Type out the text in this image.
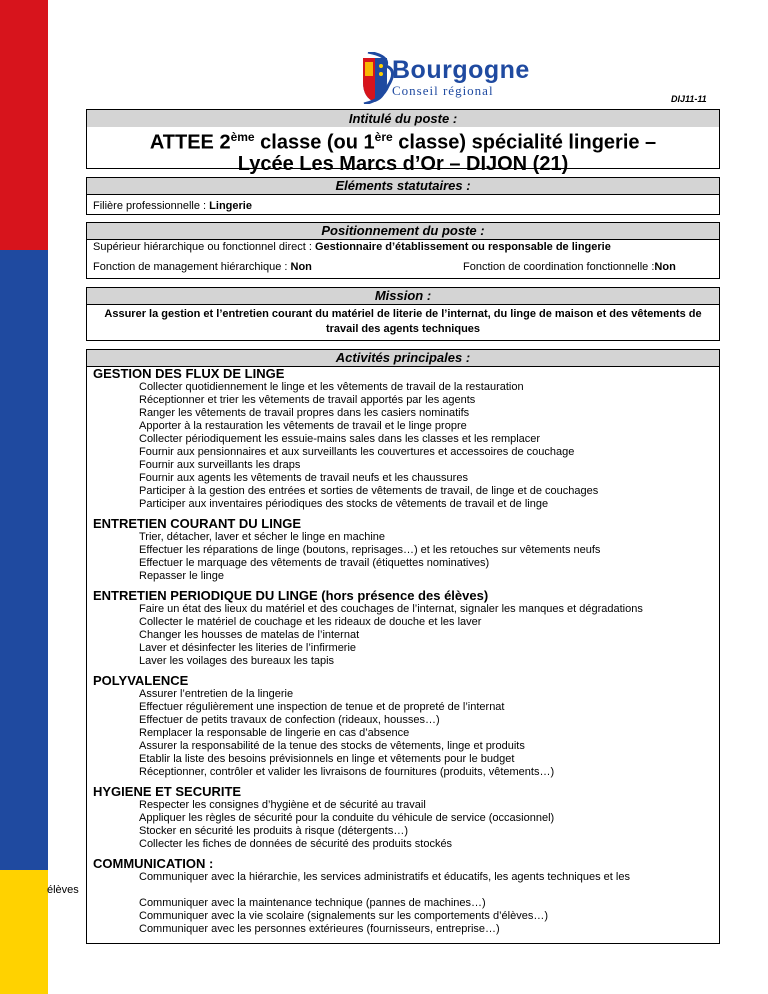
Bourgogne
Conseil régional
DIJ11-11
Intitulé du poste :
ATTEE 2ème classe (ou 1ère classe) spécialité lingerie –
Lycée Les Marcs d’Or – DIJON (21)
Eléments statutaires :
Filière professionnelle : Lingerie
Positionnement du poste :
Supérieur hiérarchique ou fonctionnel direct : Gestionnaire d’établissement ou responsable de lingerie
Fonction de management hiérarchique : Non	Fonction de coordination fonctionnelle :Non
Mission :
Assurer la gestion et l’entretien courant du matériel de literie de l’internat, du linge de maison et des vêtements de travail des agents techniques
Activités principales :
GESTION DES FLUX DE LINGE
Collecter quotidiennement le linge et les vêtements de travail de la restauration
Réceptionner et trier les vêtements de travail apportés par les agents
Ranger les vêtements de travail propres dans les casiers nominatifs
Apporter à la restauration les vêtements de travail et le linge propre
Collecter périodiquement les essuie-mains sales dans les classes et les remplacer
Fournir aux pensionnaires et aux surveillants les couvertures et accessoires de couchage
Fournir aux surveillants les draps
Fournir aux agents les vêtements de travail neufs et les chaussures
Participer à la gestion des entrées et sorties de vêtements de travail, de linge et de couchages
Participer aux inventaires périodiques des stocks de vêtements de travail et de linge
ENTRETIEN COURANT DU LINGE
Trier, détacher, laver et sécher le linge en machine
Effectuer les réparations de linge (boutons, reprisages…) et les retouches sur vêtements neufs
Effectuer le marquage des vêtements de travail (étiquettes nominatives)
Repasser le linge
ENTRETIEN PERIODIQUE DU LINGE (hors présence des élèves)
Faire un état des lieux du matériel et des couchages de l’internat, signaler les manques et dégradations
Collecter le matériel de couchage et les rideaux de douche et les laver
Changer les housses de matelas de l’internat
Laver et désinfecter les literies de l’infirmerie
Laver les voilages des bureaux les tapis
POLYVALENCE
Assurer l’entretien de la lingerie
Effectuer régulièrement une inspection de tenue et de propreté de l’internat
Effectuer de petits travaux de confection (rideaux, housses…)
Remplacer la responsable de lingerie en cas d’absence
Assurer la responsabilité de la tenue des stocks de vêtements, linge et produits
Etablir la liste des besoins prévisionnels en linge et vêtements pour le budget
Réceptionner, contrôler et valider les livraisons de fournitures (produits, vêtements…)
HYGIENE ET SECURITE
Respecter les consignes d’hygiène et de sécurité au travail
Appliquer les règles de sécurité pour la conduite du véhicule de service (occasionnel)
Stocker en sécurité les produits à risque (détergents…)
Collecter les fiches de données de sécurité des produits stockés
COMMUNICATION :
Communiquer avec la hiérarchie, les services administratifs et éducatifs, les agents techniques et les
élèves
Communiquer avec la maintenance technique (pannes de machines…)
Communiquer avec la vie scolaire (signalements sur les comportements d’élèves…)
Communiquer avec les personnes extérieures (fournisseurs, entreprise…)
